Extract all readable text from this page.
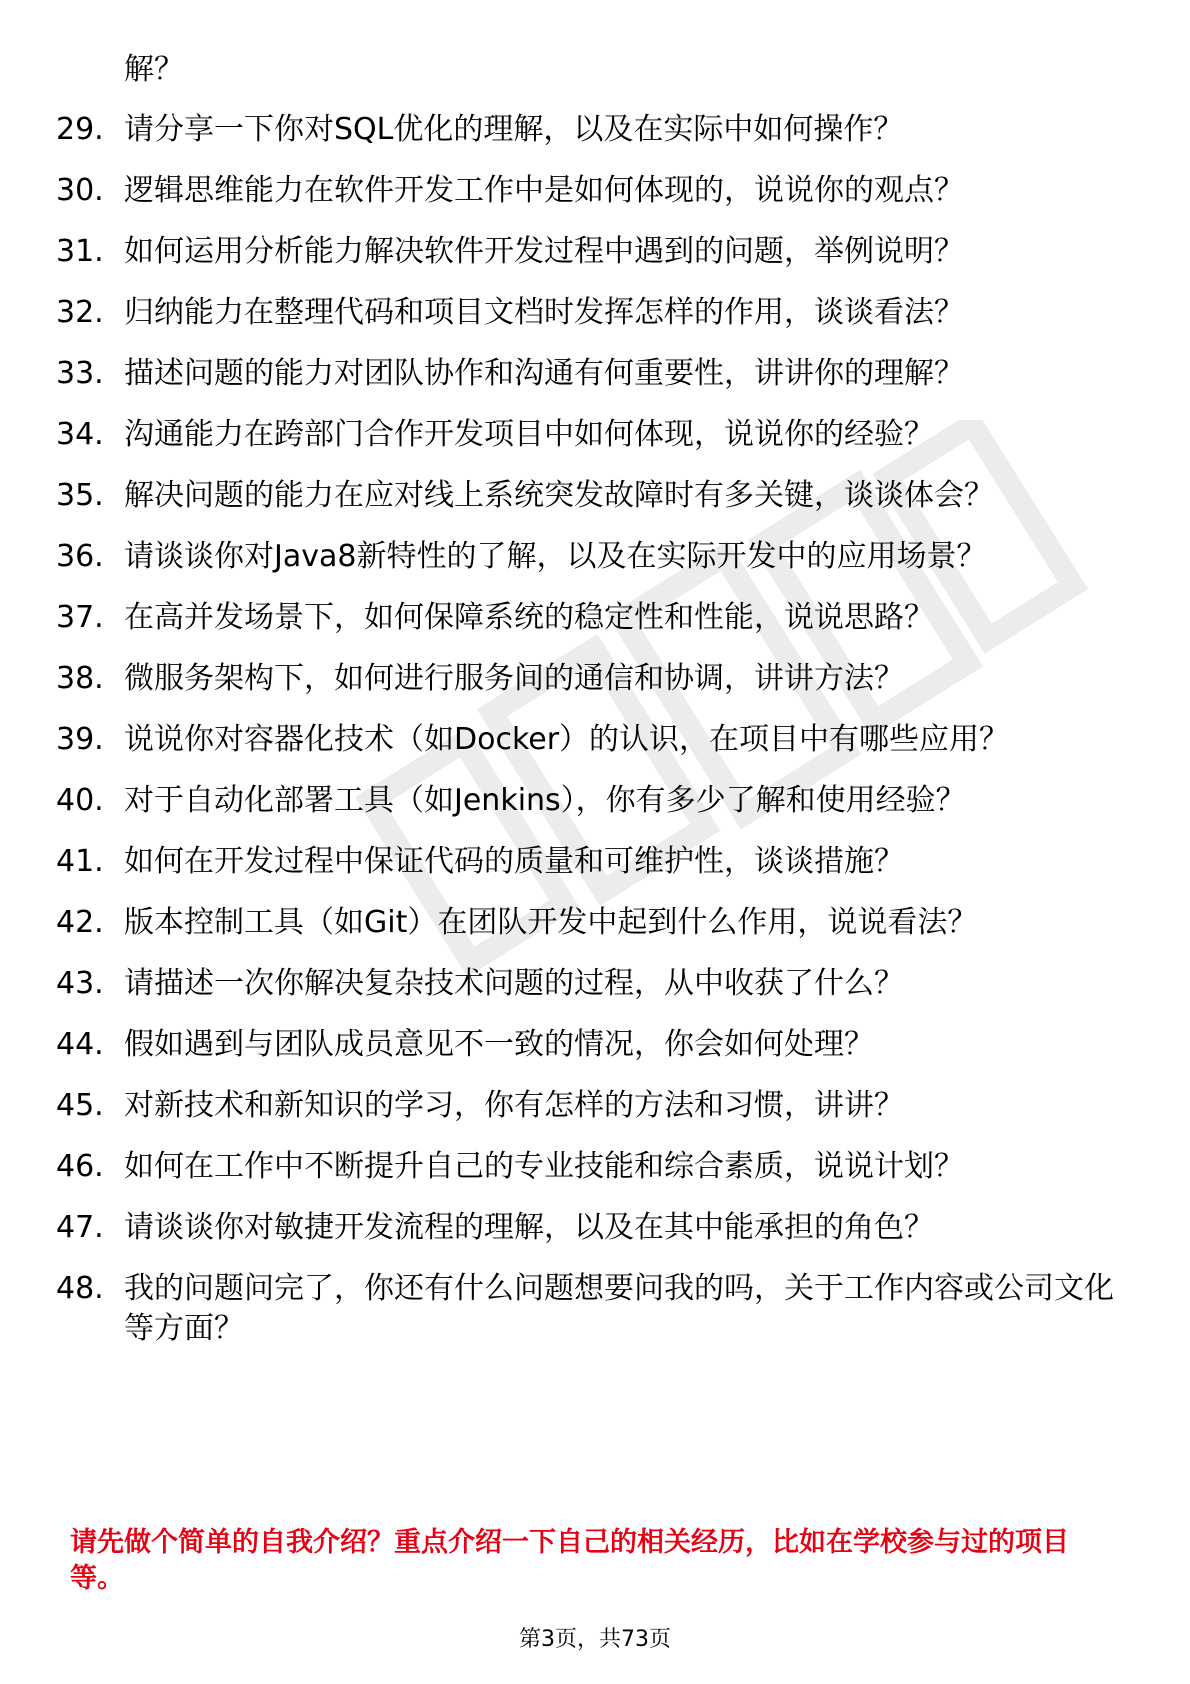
解？
29. 请分享一下你对SQL优化的理解，以及在实际中如何操作？
30. 逻辑思维能力在软件开发工作中是如何体现的，说说你的观点？
31. 如何运用分析能力解决软件开发过程中遇到的问题，举例说明？
32. 归纳能力在整理代码和项目文档时发挥怎样的作用，谈谈看法？
33. 描述问题的能力对团队协作和沟通有何重要性，讲讲你的理解？
34. 沟通能力在跨部门合作开发项目中如何体现，说说你的经验？
35. 解决问题的能力在应对线上系统突发故障时有多关键，谈谈体会？
36. 请谈谈你对Java8新特性的了解，以及在实际开发中的应用场景？
37. 在高并发场景下，如何保障系统的稳定性和性能，说说思路？
38. 微服务架构下，如何进行服务间的通信和协调，讲讲方法？
39. 说说你对容器化技术（如Docker）的认识，在项目中有哪些应用？
40. 对于自动化部署工具（如Jenkins），你有多少了解和使用经验？
41. 如何在开发过程中保证代码的质量和可维护性，谈谈措施？
42. 版本控制工具（如Git）在团队开发中起到什么作用，说说看法？
43. 请描述一次你解决复杂技术问题的过程，从中收获了什么？
44. 假如遇到与团队成员意见不一致的情况，你会如何处理？
45. 对新技术和新知识的学习，你有怎样的方法和习惯，讲讲？
46. 如何在工作中不断提升自己的专业技能和综合素质，说说计划？
47. 请谈谈你对敏捷开发流程的理解，以及在其中能承担的角色？
48. 我的问题问完了，你还有什么问题想要问我的吗，关于工作内容或公司文化等方面？
请先做个简单的自我介绍？重点介绍一下自己的相关经历，比如在学校参与过的项目等。
第3页，共73页
